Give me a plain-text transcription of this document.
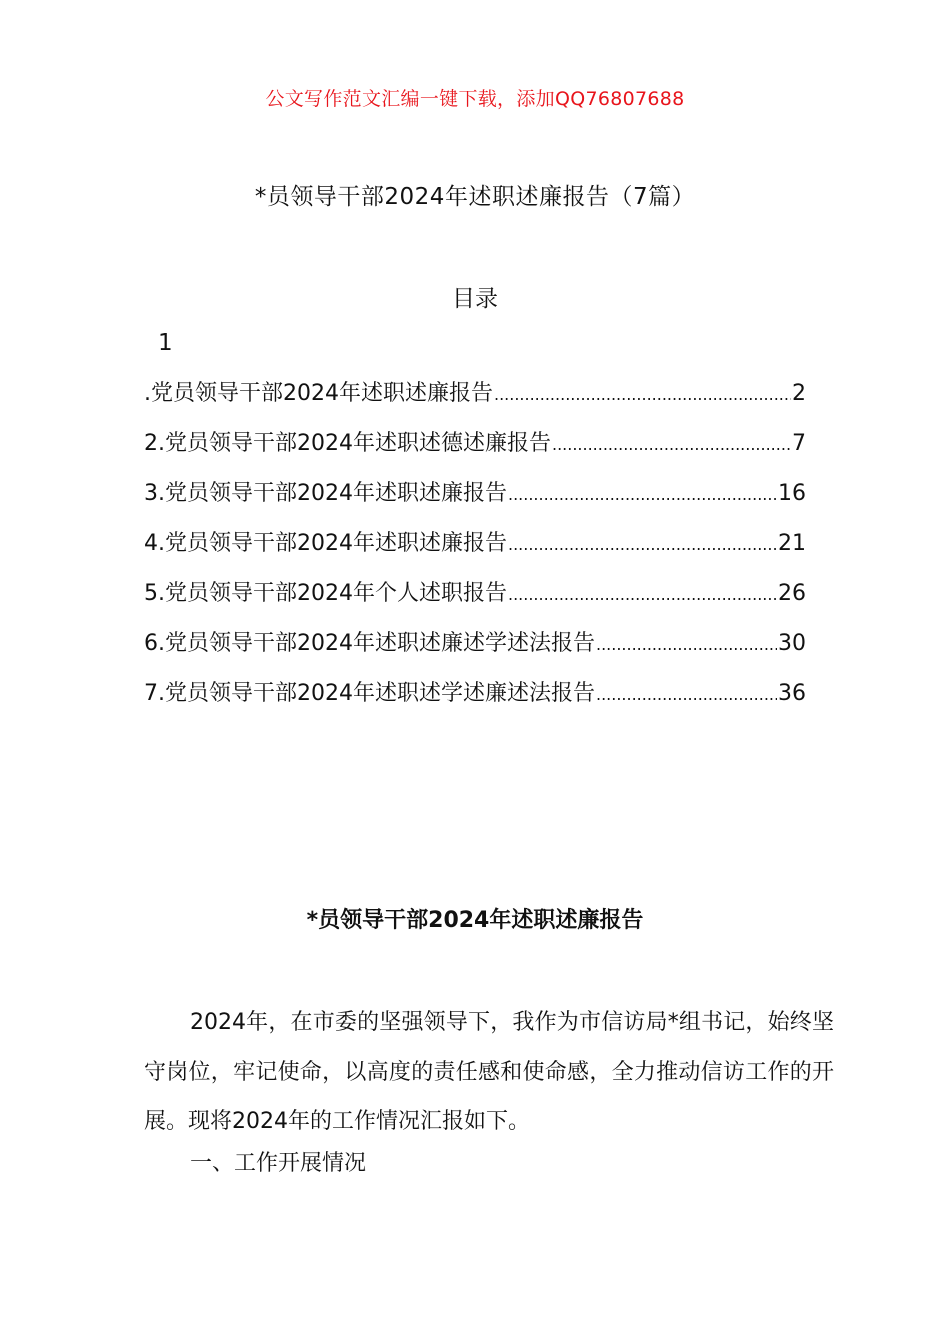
公文写作范文汇编一键下载，添加QQ76807688
*员领导干部2024年述职述廉报告（7篇）
目录
1
.党员领导干部2024年述职述廉报告 .....	2
2.党员领导干部2024年述职述德述廉报告 .....	7
3.党员领导干部2024年述职述廉报告 .....	16
4.党员领导干部2024年述职述廉报告 .....	21
5.党员领导干部2024年个人述职报告 .....	26
6.党员领导干部2024年述职述廉述学述法报告 .....	30
7.党员领导干部2024年述职述学述廉述法报告 .....	36
*员领导干部2024年述职述廉报告

2024年，在市委的坚强领导下，我作为市信访局*组书记，始终坚守岗位，牢记使命，以高度的责任感和使命感，全力推动信访工作的开展。现将2024年的工作情况汇报如下。

一、工作开展情况
